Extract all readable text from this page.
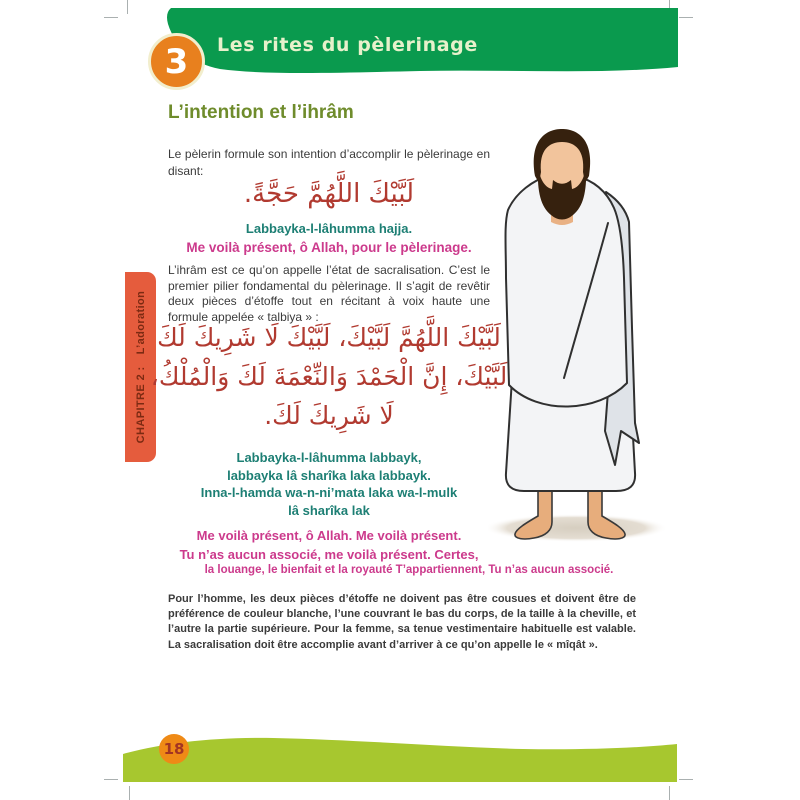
3 Les rites du pèlerinage
CHAPITRE 2 :
L’adoration
L’intention et l’ihrâm
Le pèlerin formule son intention d’accomplir le pèlerinage en disant:
لَبَّيْكَ اللَّهُمَّ حَجَّةً.
Labbayka-l-lâhumma hajja.
Me voilà présent, ô Allah, pour le pèlerinage.
L’ihrâm est ce qu’on appelle l’état de sacralisation. C’est le premier pilier fondamental du pèlerinage. Il s’agit de revêtir deux pièces d’étoffe tout en récitant à voix haute une formule appelée « talbiya » :
لَبَّيْكَ اللَّهُمَّ لَبَّيْكَ، لَبَّيْكَ لَا شَرِيكَ لَكَ
لَبَّيْكَ، إِنَّ الْحَمْدَ وَالنِّعْمَةَ لَكَ وَالْمُلْكُ،
لَا شَرِيكَ لَكَ.
Labbayka-l-lâhumma labbayk,
labbayka lâ sharîka laka labbayk.
Inna-l-hamda wa-n-ni’mata laka wa-l-mulk
lâ sharîka lak
Me voilà présent, ô Allah. Me voilà présent.
Tu n’as aucun associé, me voilà présent. Certes,
la louange, le bienfait et la royauté T’appartiennent, Tu n’as aucun associé.
Pour l’homme, les deux pièces d’étoffe ne doivent pas être cousues et doivent être de préférence de couleur blanche, l’une couvrant le bas du corps, de la taille à la cheville, et l’autre la partie supérieure. Pour la femme, sa tenue vestimentaire habituelle est valable. La sacralisation doit être accomplie avant d’arriver à ce qu’on appelle le « mîqât ».
18
